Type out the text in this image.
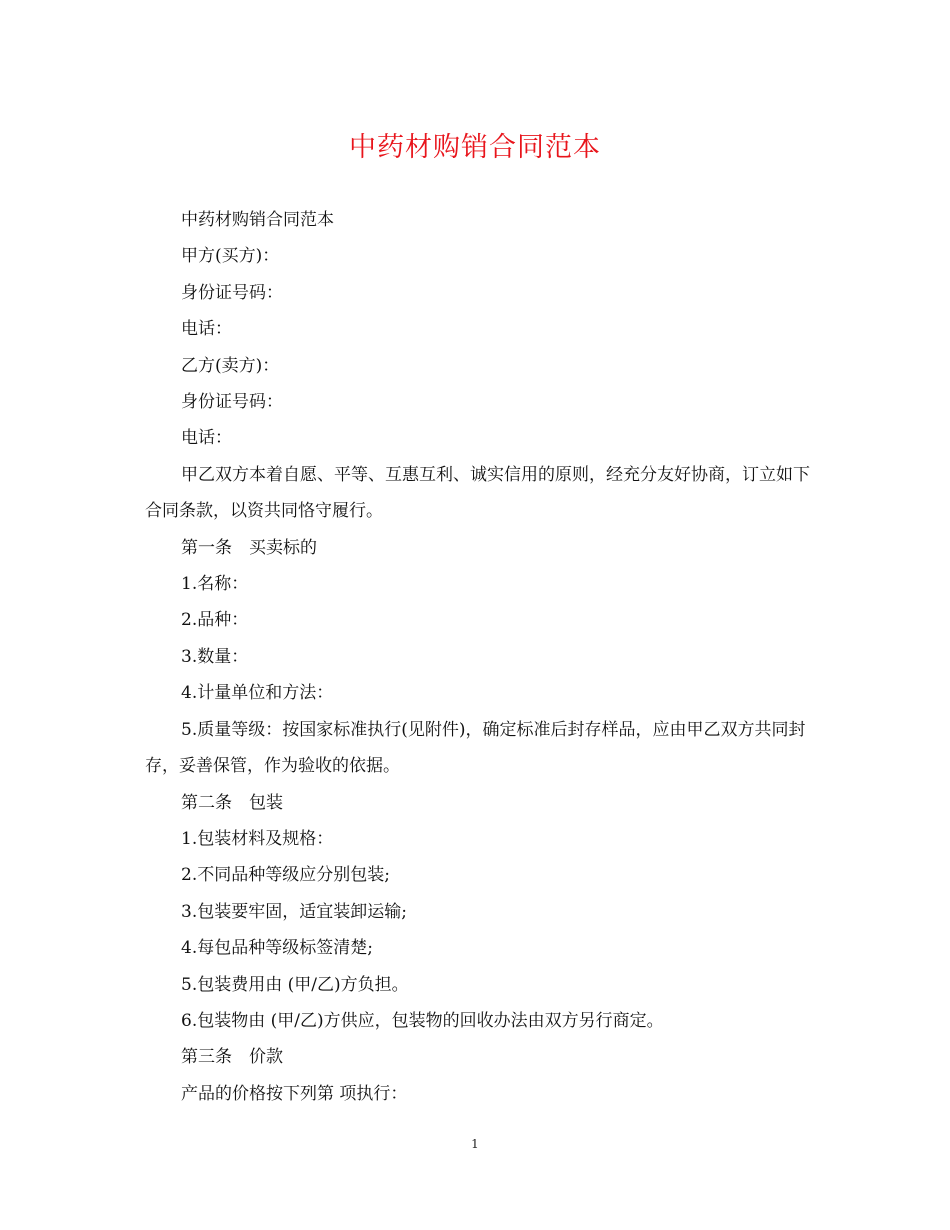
中药材购销合同范本

中药材购销合同范本

甲方(买方)：

身份证号码：

电话：

乙方(卖方)：

身份证号码：

电话：

甲乙双方本着自愿、平等、互惠互利、诚实信用的原则，经充分友好协商，订立如下合同条款，以资共同恪守履行。

第一条　买卖标的

1.名称：

2.品种：

3.数量：

4.计量单位和方法：

5.质量等级：按国家标准执行(见附件)，确定标准后封存样品，应由甲乙双方共同封存，妥善保管，作为验收的依据。

第二条　包装

1.包装材料及规格：

2.不同品种等级应分别包装;

3.包装要牢固，适宜装卸运输;

4.每包品种等级标签清楚;

5.包装费用由 (甲/乙)方负担。

6.包装物由 (甲/乙)方供应，包装物的回收办法由双方另行商定。

第三条　价款

产品的价格按下列第 项执行：

1
